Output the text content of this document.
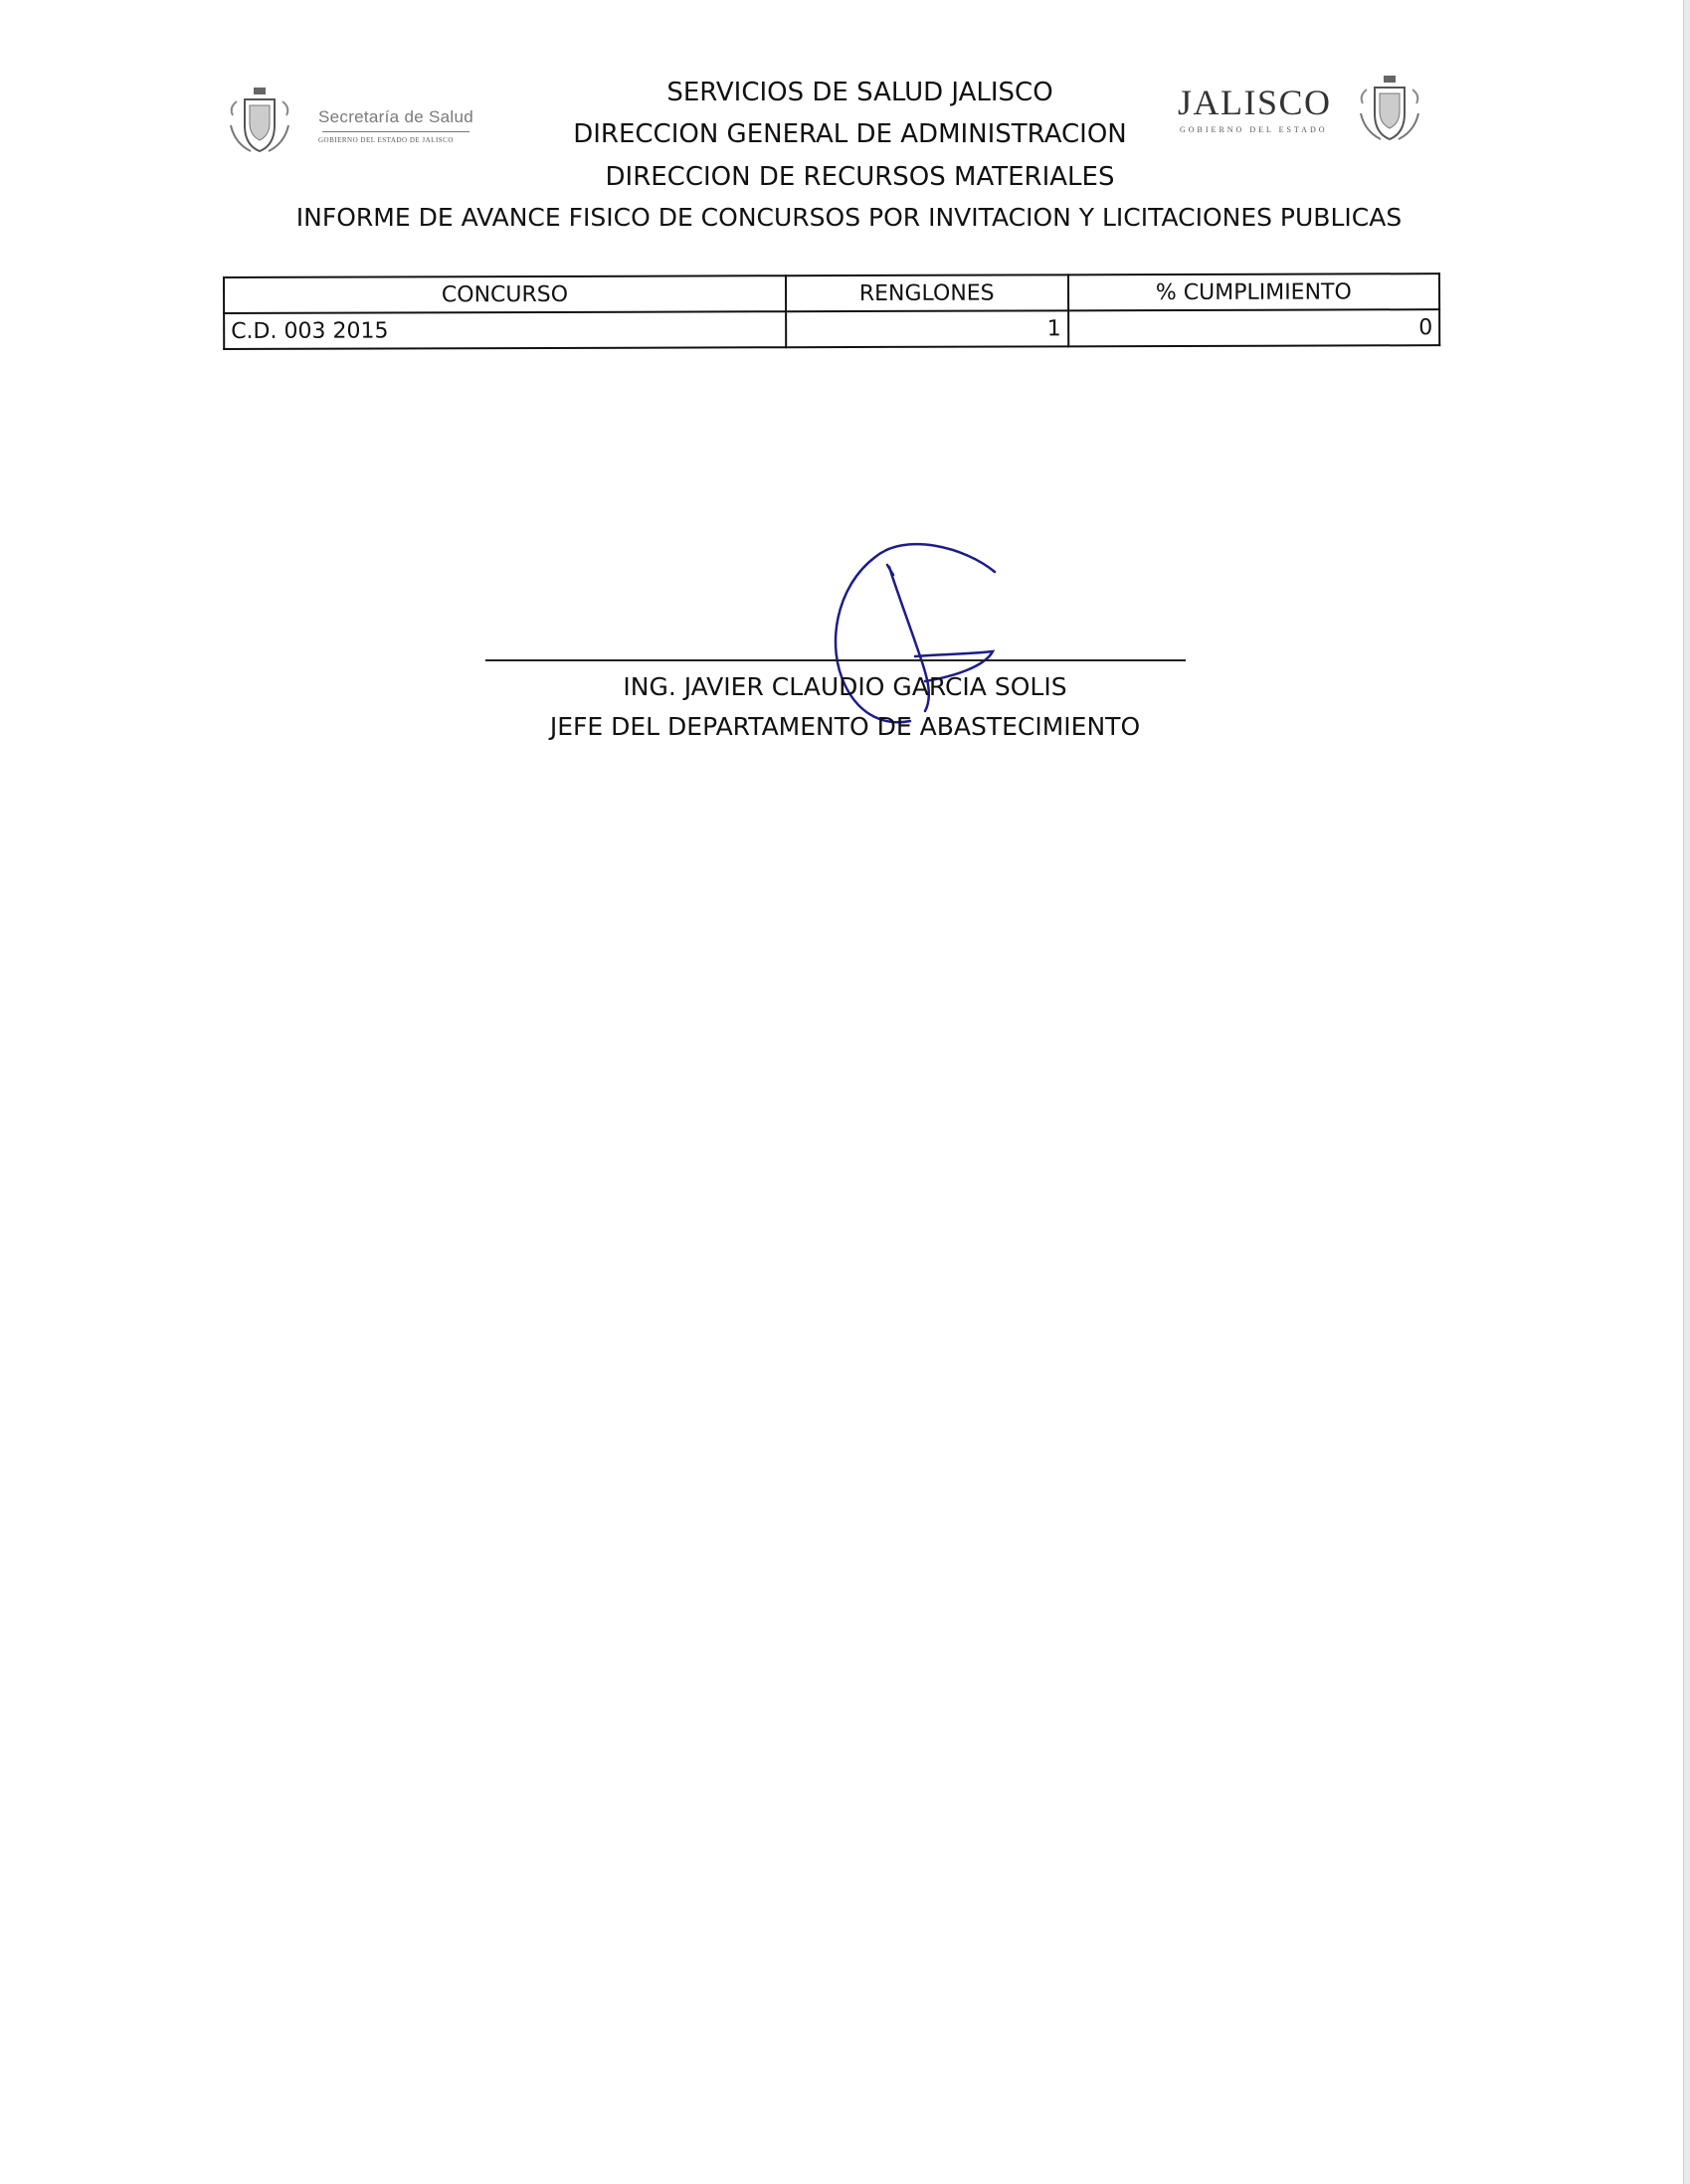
Secretaría de Salud
GOBIERNO DEL ESTADO DE JALISCO
JALISCO
GOBIERNO DEL ESTADO
SERVICIOS DE SALUD JALISCO
DIRECCION GENERAL DE ADMINISTRACION
DIRECCION DE RECURSOS MATERIALES
INFORME DE AVANCE FISICO DE CONCURSOS POR INVITACION Y LICITACIONES PUBLICAS
CONCURSO	RENGLONES	% CUMPLIMIENTO
C.D. 003 2015	1	0
ING. JAVIER CLAUDIO GARCIA SOLIS
JEFE DEL DEPARTAMENTO DE ABASTECIMIENTO
